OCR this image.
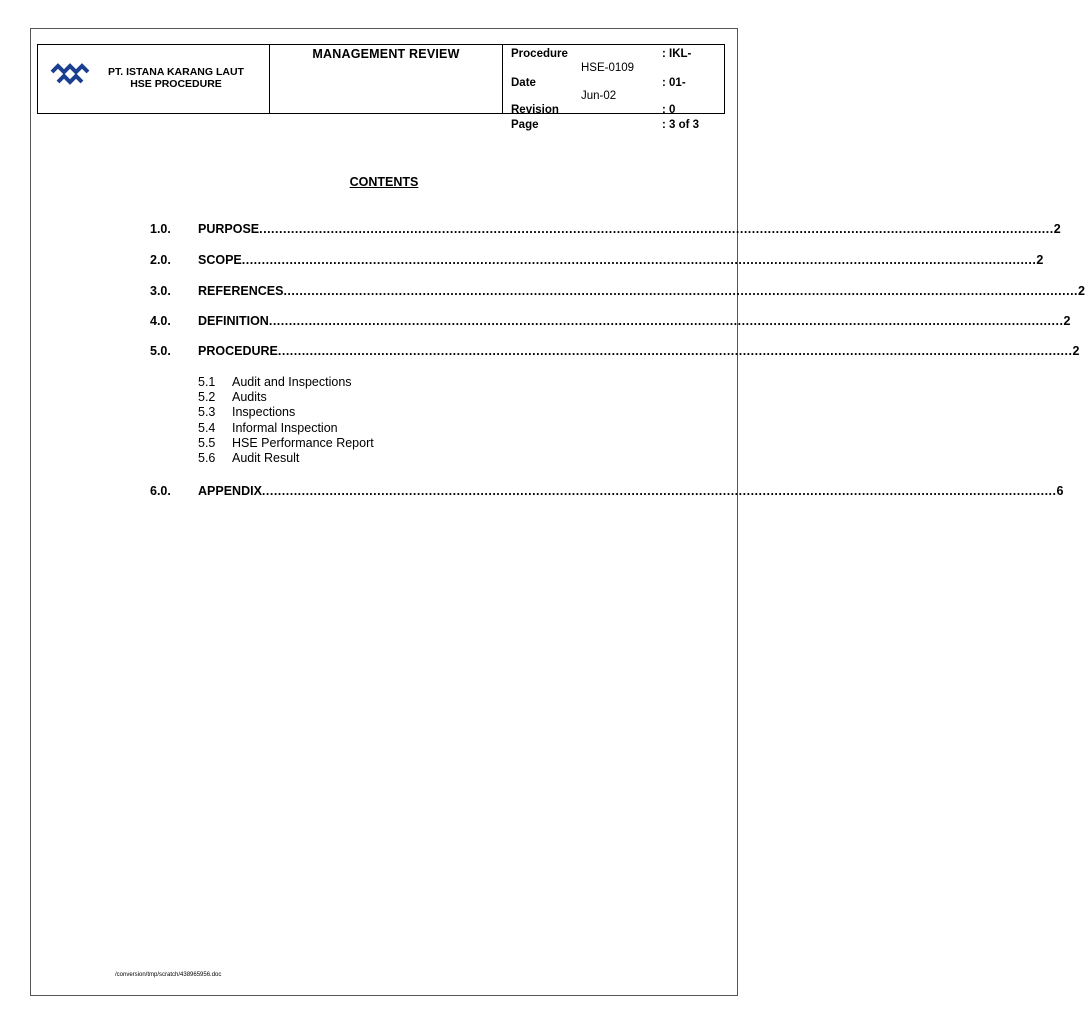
PT. ISTANA KARANG LAUT
HSE PROCEDURE
MANAGEMENT REVIEW	Procedure	: IKL-
HSE-0109
Date	: 01-
Jun-02
Revision	: 0
Page	: 3 of 3
CONTENTS
1.0. PURPOSE ........................................................................................................................................................................................................ 2
2.0. SCOPE ........................................................................................................................................................................................................ 2
3.0. REFERENCES ........................................................................................................................................................................................................ 2
4.0. DEFINITION ........................................................................................................................................................................................................ 2
5.0. PROCEDURE ........................................................................................................................................................................................................ 2
5.1 Audit and Inspections
5.2 Audits
5.3 Inspections
5.4 Informal Inspection
5.5 HSE Performance Report
5.6 Audit Result
6.0. APPENDIX ........................................................................................................................................................................................................ 6
/conversion/tmp/scratch/438965956.doc
